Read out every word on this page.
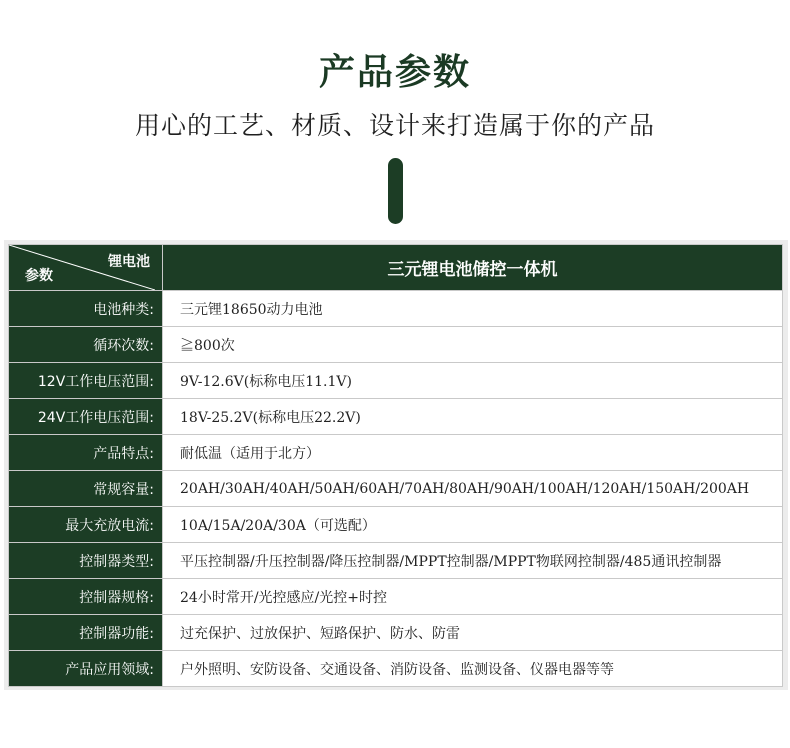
产品参数
用心的工艺、材质、设计来打造属于你的产品
锂电池
参数	三元锂电池储控一体机
电池种类:	三元锂18650动力电池
循环次数:	≧800次
12V工作电压范围:	9V-12.6V(标称电压11.1V)
24V工作电压范围:	18V-25.2V(标称电压22.2V)
产品特点:	耐低温（适用于北方）
常规容量:	20AH/30AH/40AH/50AH/60AH/70AH/80AH/90AH/100AH/120AH/150AH/200AH
最大充放电流:	10A/15A/20A/30A（可选配）
控制器类型:	平压控制器/升压控制器/降压控制器/MPPT控制器/MPPT物联网控制器/485通讯控制器
控制器规格:	24小时常开/光控感应/光控+时控
控制器功能:	过充保护、过放保护、短路保护、防水、防雷
产品应用领域:	户外照明、安防设备、交通设备、消防设备、监测设备、仪器电器等等
